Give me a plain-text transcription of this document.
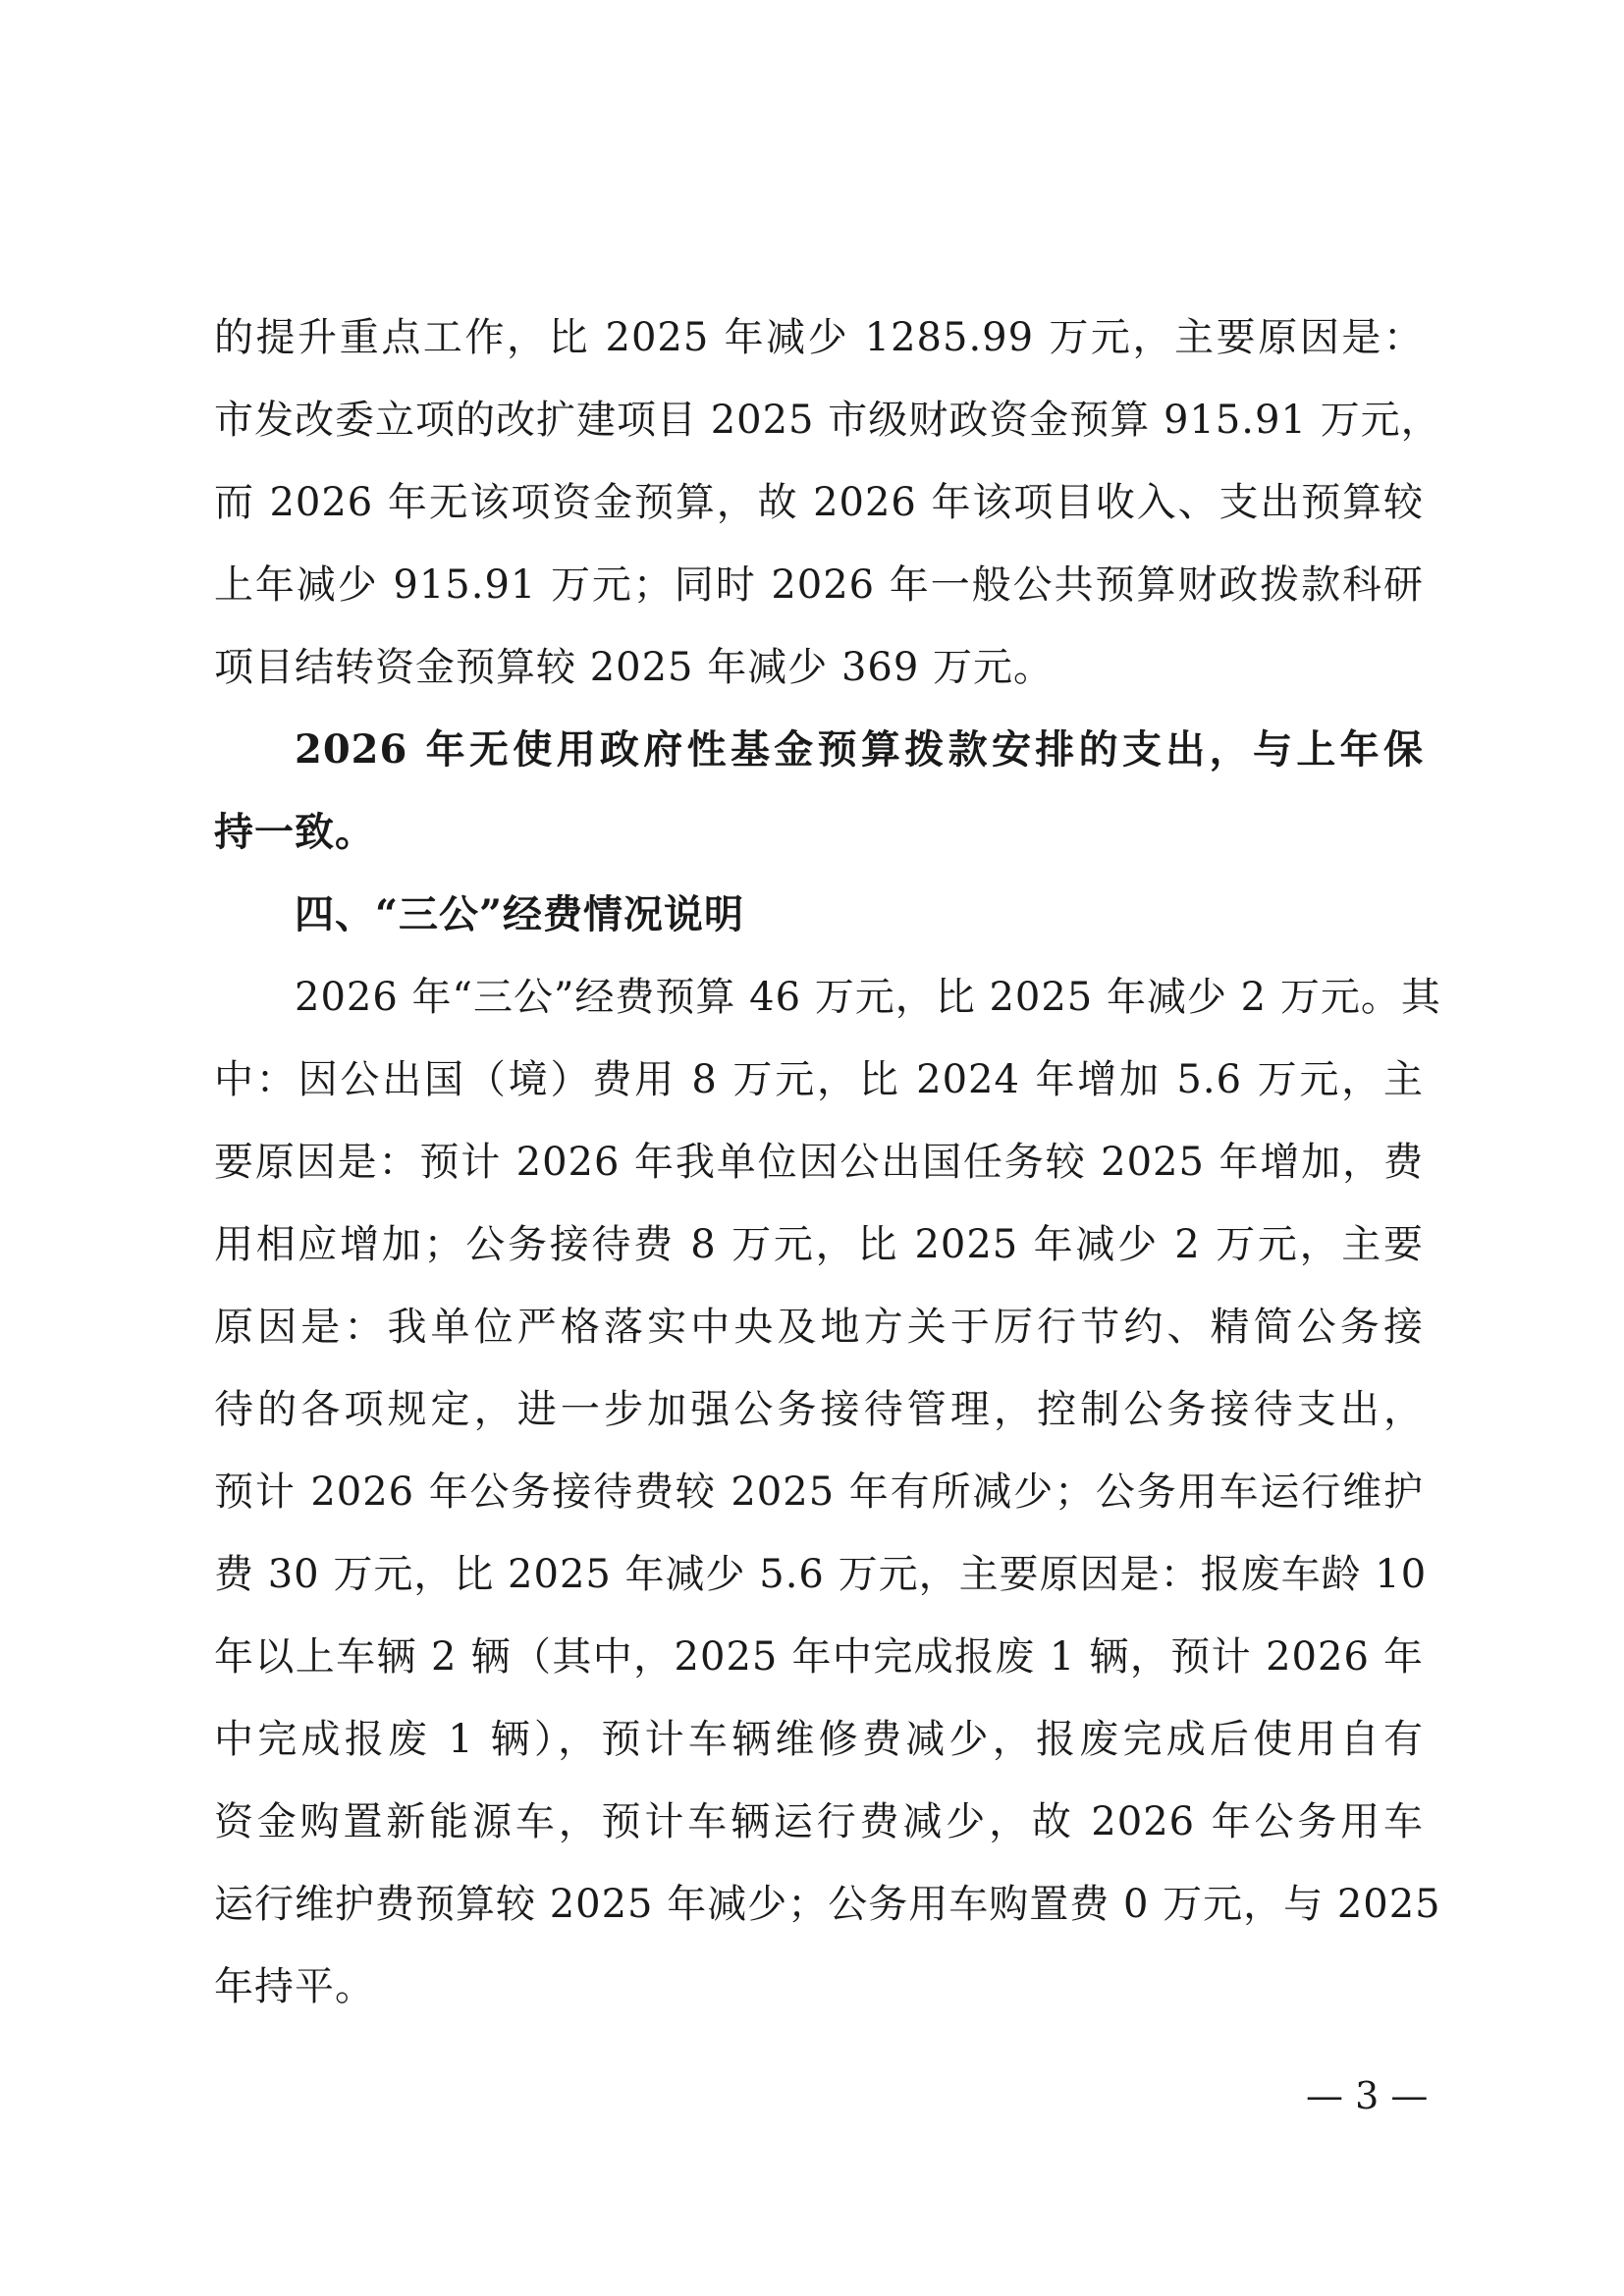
的提升重点工作，比 2025 年减少 1285.99 万元，主要原因是：
市发改委立项的改扩建项目 2025 市级财政资金预算 915.91 万元，
而 2026 年无该项资金预算，故 2026 年该项目收入、支出预算较
上年减少 915.91 万元；同时 2026 年一般公共预算财政拨款科研
项目结转资金预算较 2025 年减少 369 万元。
2026 年无使用政府性基金预算拨款安排的支出，与上年保
持一致。
四、“三公”经费情况说明
2026 年“三公”经费预算 46 万元，比 2025 年减少 2 万元。其
中：因公出国（境）费用 8 万元，比 2024 年增加 5.6 万元，主
要原因是：预计 2026 年我单位因公出国任务较 2025 年增加，费
用相应增加；公务接待费 8 万元，比 2025 年减少 2 万元，主要
原因是：我单位严格落实中央及地方关于厉行节约、精简公务接
待的各项规定，进一步加强公务接待管理，控制公务接待支出，
预计 2026 年公务接待费较 2025 年有所减少；公务用车运行维护
费 30 万元，比 2025 年减少 5.6 万元，主要原因是：报废车龄 10
年以上车辆 2 辆（其中，2025 年中完成报废 1 辆，预计 2026 年
中完成报废 1 辆），预计车辆维修费减少，报废完成后使用自有
资金购置新能源车，预计车辆运行费减少，故 2026 年公务用车
运行维护费预算较 2025 年减少；公务用车购置费 0 万元，与 2025
年持平。
— 3 —
